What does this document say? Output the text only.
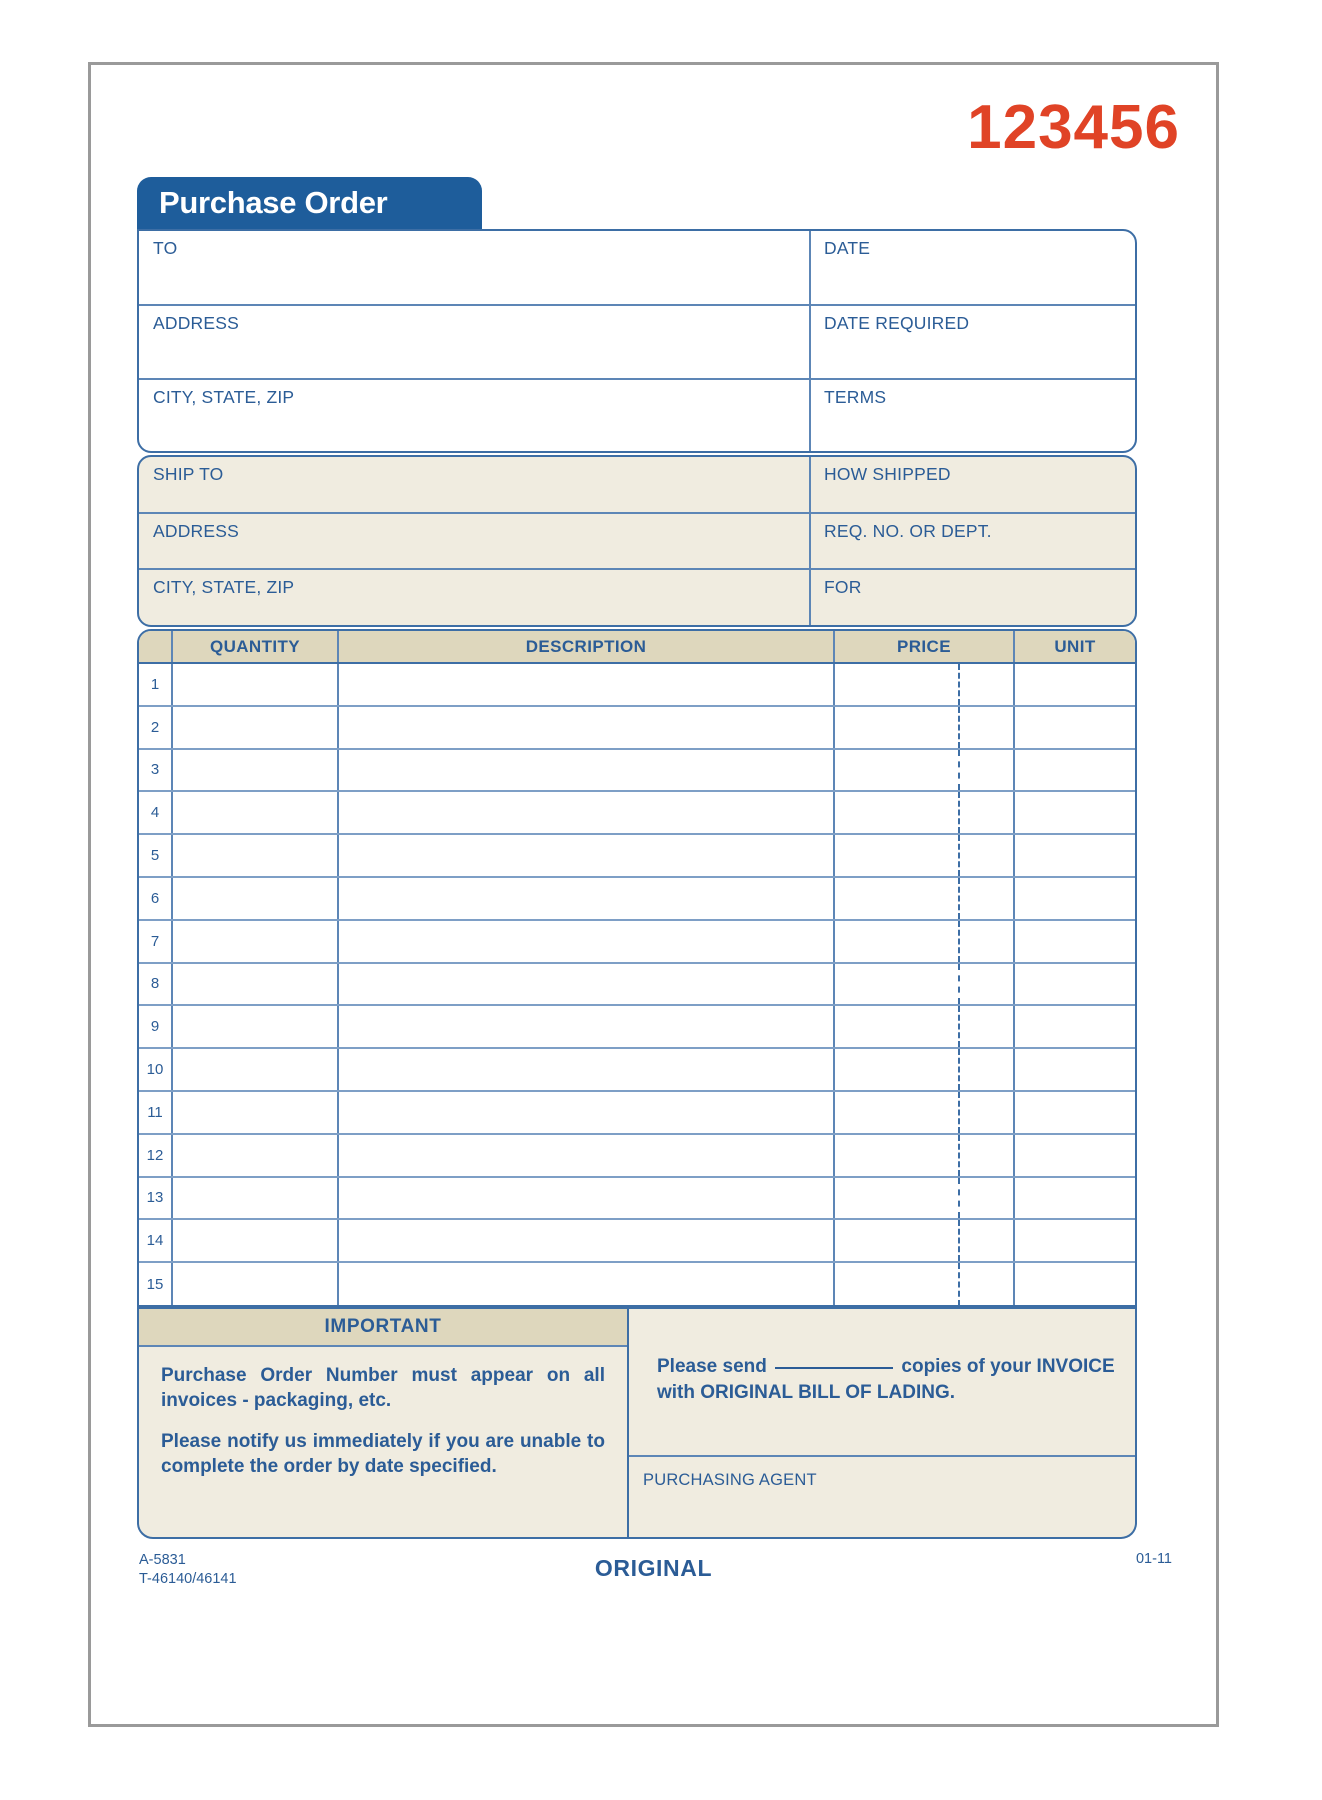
123456
Purchase Order
TO	DATE
ADDRESS	DATE REQUIRED
CITY, STATE, ZIP	TERMS
SHIP TO	HOW SHIPPED
ADDRESS	REQ. NO. OR DEPT.
CITY, STATE, ZIP	FOR
QUANTITY	DESCRIPTION	PRICE	UNIT
1
2
3
4
5
6
7
8
9
10
11
12
13
14
15
IMPORTANT

Purchase Order Number must appear on all invoices - packaging, etc.

Please notify us immediately if you are unable to complete the order by date specified.

Please send	copies of your INVOICE
with ORIGINAL BILL OF LADING.
PURCHASING AGENT
A-5831
T-46140/46141	ORIGINAL	01-11
